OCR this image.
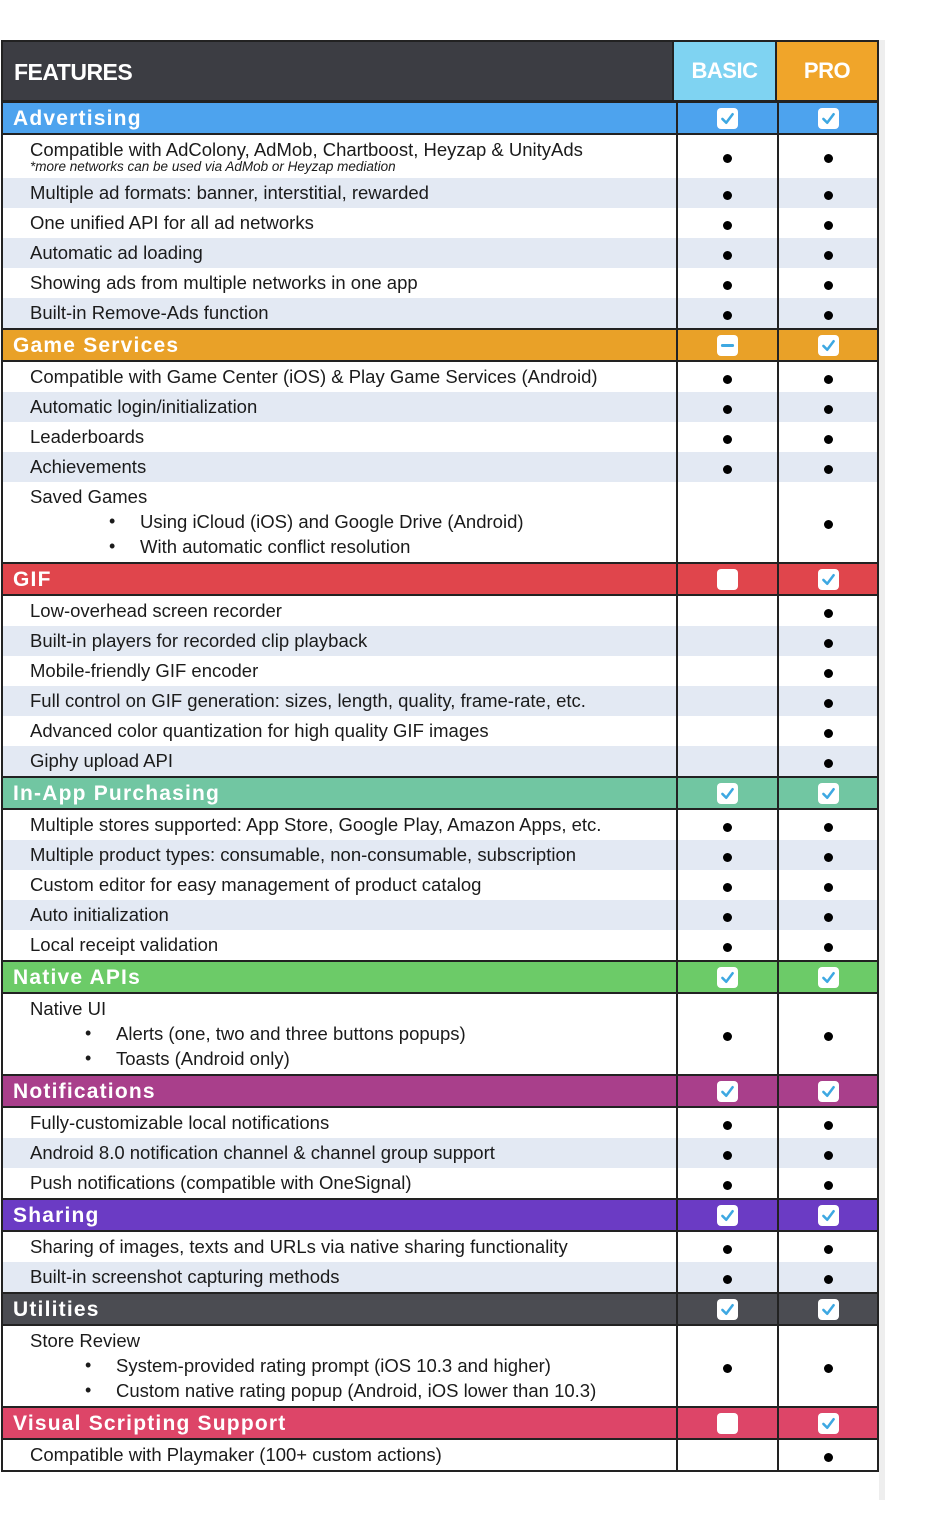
FEATURES	BASIC	PRO
Advertising
Compatible with AdColony, AdMob, Chartboost, Heyzap & UnityAds
*more networks can be used via AdMob or Heyzap mediation
Multiple ad formats: banner, interstitial, rewarded
One unified API for all ad networks
Automatic ad loading
Showing ads from multiple networks in one app
Built-in Remove-Ads function
Game Services
Compatible with Game Center (iOS) & Play Game Services (Android)
Automatic login/initialization
Leaderboards
Achievements
Saved Games
• Using iCloud (iOS) and Google Drive (Android)
• With automatic conflict resolution
GIF
Low-overhead screen recorder
Built-in players for recorded clip playback
Mobile-friendly GIF encoder
Full control on GIF generation: sizes, length, quality, frame-rate, etc.
Advanced color quantization for high quality GIF images
Giphy upload API
In-App Purchasing
Multiple stores supported: App Store, Google Play, Amazon Apps, etc.
Multiple product types: consumable, non-consumable, subscription
Custom editor for easy management of product catalog
Auto initialization
Local receipt validation
Native APIs
Native UI
• Alerts (one, two and three buttons popups)
• Toasts (Android only)
Notifications
Fully-customizable local notifications
Android 8.0 notification channel & channel group support
Push notifications (compatible with OneSignal)
Sharing
Sharing of images, texts and URLs via native sharing functionality
Built-in screenshot capturing methods
Utilities
Store Review
• System-provided rating prompt (iOS 10.3 and higher)
• Custom native rating popup (Android, iOS lower than 10.3)
Visual Scripting Support
Compatible with Playmaker (100+ custom actions)
